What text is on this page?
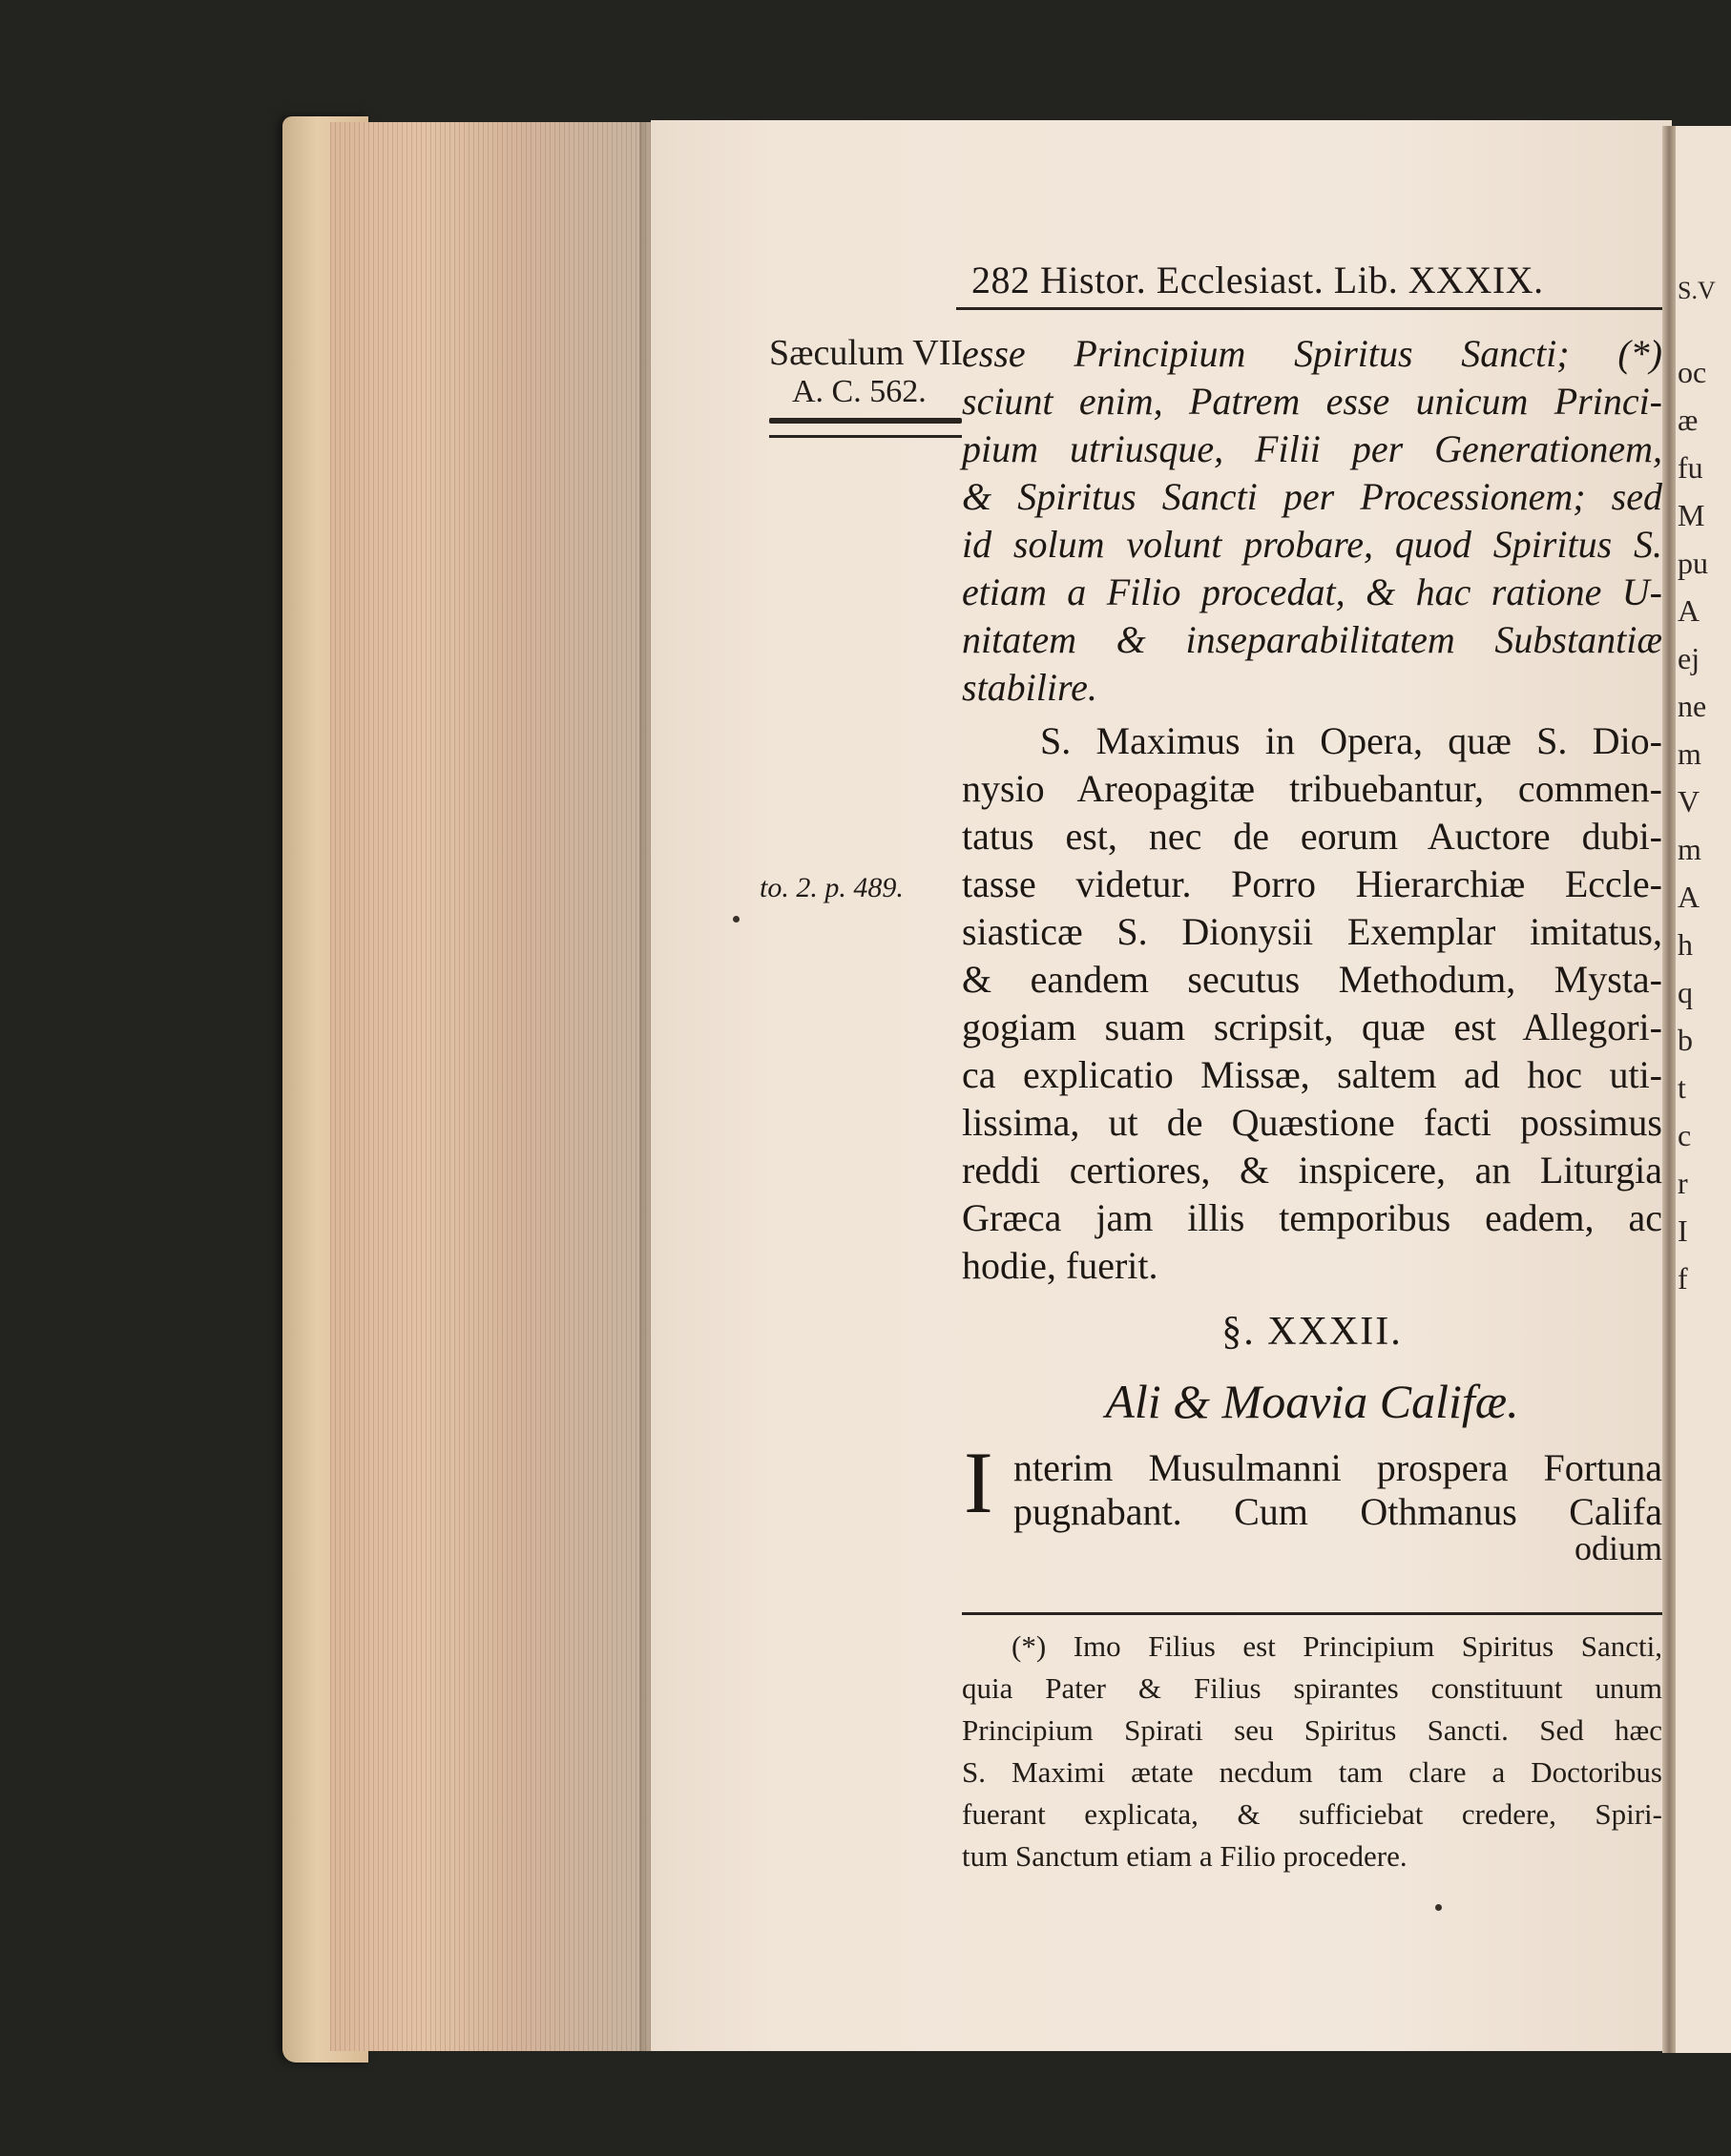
S.V
oc
æ
fu
M
pu
A
ej
ne
m
V
m
A
h
q
b
t
c
r
I
f
282 Histor. Ecclesiast. Lib. XXXIX.
Sæculum VII
A. C. 562.
to. 2. p. 489.
esse Principium Spiritus Sancti; (*)
sciunt enim, Patrem esse unicum Princi-
pium utriusque, Filii per Generationem,
& Spiritus Sancti per Processionem; sed
id solum volunt probare, quod Spiritus S.
etiam a Filio procedat, & hac ratione U-
nitatem & inseparabilitatem Substantiæ
stabilire.
S. Maximus in Opera, quæ S. Dio-
nysio Areopagitæ tribuebantur, commen-
tatus est, nec de eorum Auctore dubi-
tasse videtur. Porro Hierarchiæ Eccle-
siasticæ S. Dionysii Exemplar imitatus,
& eandem secutus Methodum, Mysta-
gogiam suam scripsit, quæ est Allegori-
ca explicatio Missæ, saltem ad hoc uti-
lissima, ut de Quæstione facti possimus
reddi certiores, & inspicere, an Liturgia
Græca jam illis temporibus eadem, ac
hodie, fuerit.
§. XXXII.
Ali & Moavia Califæ.
I nterim Musulmanni prospera Fortuna
pugnabant. Cum Othmanus Califa
odium
(*) Imo Filius est Principium Spiritus Sancti,
quia Pater & Filius spirantes constituunt unum
Principium Spirati seu Spiritus Sancti. Sed hæc
S. Maximi ætate necdum tam clare a Doctoribus
fuerant explicata, & sufficiebat credere, Spiri-
tum Sanctum etiam a Filio procedere.
